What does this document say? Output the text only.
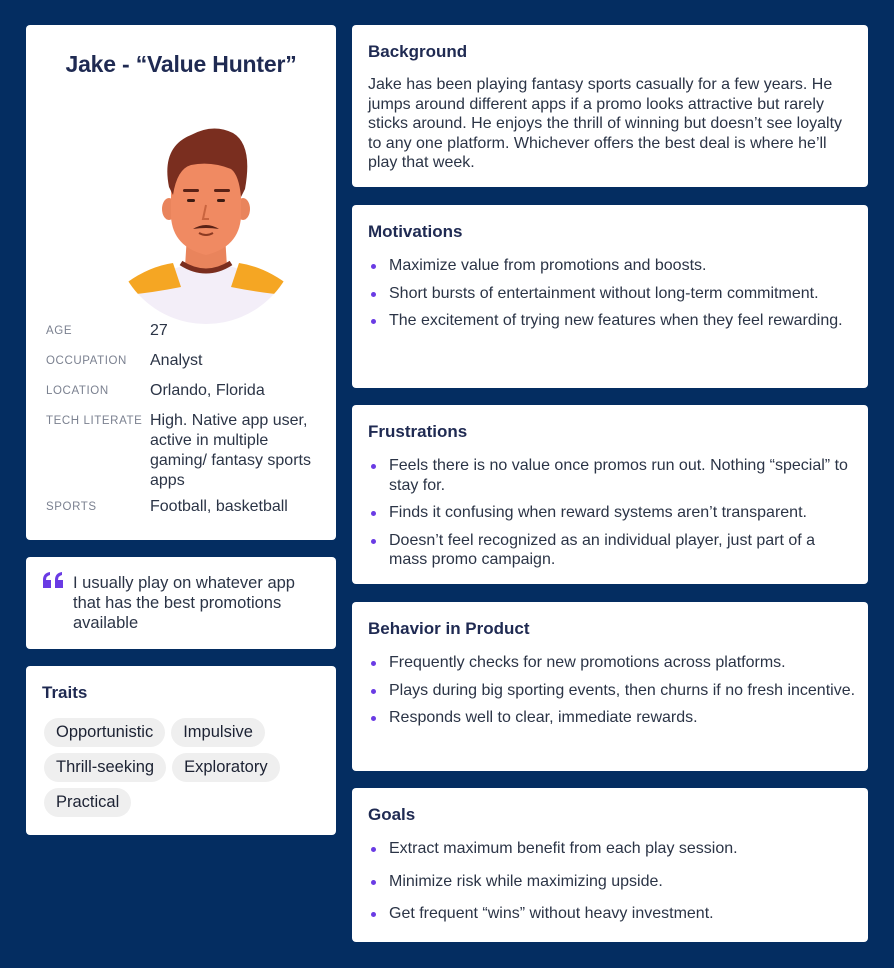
Jake - “Value Hunter”
AGE	27
OCCUPATION	Analyst
LOCATION	Orlando, Florida
TECH LITERATE High. Native app user, active in multiple gaming/ fantasy sports apps
SPORTS	Football, basketball
I usually play on whatever app that has the best promotions available
Traits
Opportunistic	Impulsive
Thrill-seeking	Exploratory
Practical
Background
Jake has been playing fantasy sports casually for a few years. He jumps around different apps if a promo looks attractive but rarely sticks around. He enjoys the thrill of winning but doesn’t see loyalty to any one platform. Whichever offers the best deal is where he’ll play that week.
Motivations
Maximize value from promotions and boosts.
Short bursts of entertainment without long-term commitment.
The excitement of trying new features when they feel rewarding.
Frustrations
Feels there is no value once promos run out. Nothing “special” to stay for.
Finds it confusing when reward systems aren’t transparent.
Doesn’t feel recognized as an individual player, just part of a mass promo campaign.
Behavior in Product
Frequently checks for new promotions across platforms.
Plays during big sporting events, then churns if no fresh incentive.
Responds well to clear, immediate rewards.
Goals
Extract maximum benefit from each play session.
Minimize risk while maximizing upside.
Get frequent “wins” without heavy investment.
